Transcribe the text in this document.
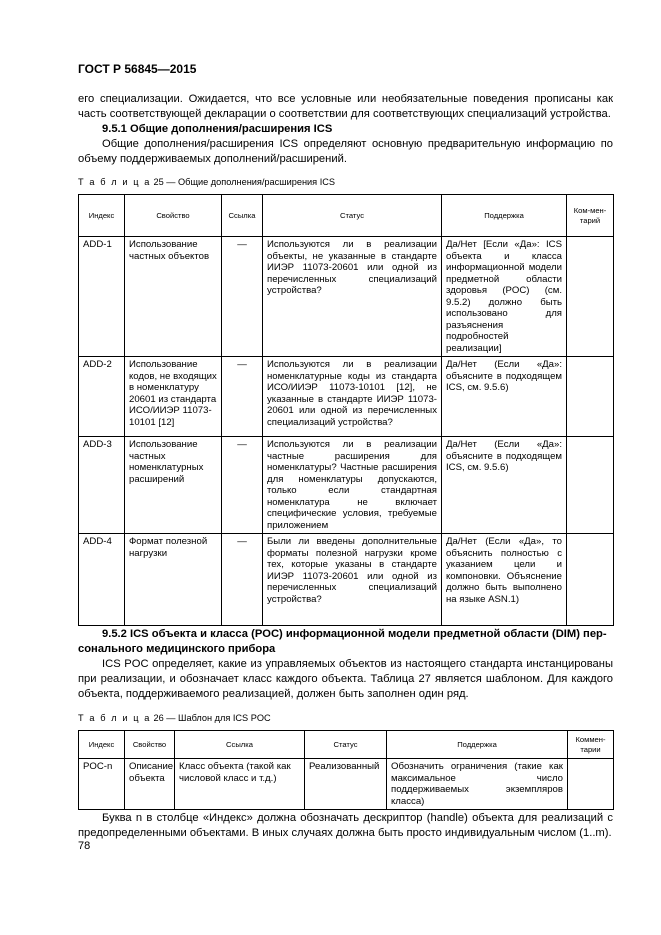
ГОСТ Р 56845—2015
его специализации. Ожидается, что все условные или необязательные поведения прописаны как часть соответствующей декларации о соответствии для соответствующих специализаций устройства.
9.5.1 Общие дополнения/расширения ICS
Общие дополнения/расширения ICS определяют основную предварительную информацию по объему поддерживаемых дополнений/расширений.
Т а б л и ц а 25 — Общие дополнения/расширения ICS
Индекс	Свойство	Ссылка	Статус	Поддержка	Ком-мен-тарий
ADD-1	Использование частных объектов	—	Используются ли в реализации объекты, не указанные в стандарте ИИЭР 11073-20601 или одной из перечисленных специализаций устройства?	Да/Нет [Если «Да»: ICS объекта и класса информационной модели предметной области здоровья (POC) (см. 9.5.2) должно быть использовано для разъяснения подробностей реализации]	
ADD-2	Использование кодов, не входящих в номенклатуру 20601 из стандарта ИСО/ИИЭР 11073-10101 [12]	—	Используются ли в реализации номенклатурные коды из стандарта ИСО/ИИЭР 11073-10101 [12], не указанные в стандарте ИИЭР 11073-20601 или одной из перечисленных специализаций устройства?	Да/Нет (Если «Да»: объясните в подходящем ICS, см. 9.5.6)	
ADD-3	Использование частных номенклатурных расширений	—	Используются ли в реализации частные расширения для номенклатуры? Частные расширения для номенклатуры допускаются, только если стандартная номенклатура не включает специфические условия, требуемые приложением	Да/Нет (Если «Да»: объясните в подходящем ICS, см. 9.5.6)	
ADD-4	Формат полезной нагрузки	—	Были ли введены дополнительные форматы полезной нагрузки кроме тех, которые указаны в стандарте ИИЭР 11073-20601 или одной из перечисленных специализаций устройства?	Да/Нет (Если «Да», то объяснить полностью с указанием цели и компоновки. Объяснение должно быть выполнено на языке ASN.1)	
9.5.2 ICS объекта и класса (POC) информационной модели предметной области (DIM) пер-
сонального медицинского прибора
ICS POC определяет, какие из управляемых объектов из настоящего стандарта инстанцированы при реализации, и обозначает класс каждого объекта. Таблица 27 является шаблоном. Для каждого объекта, поддерживаемого реализацией, должен быть заполнен один ряд.
Т а б л и ц а 26 — Шаблон для ICS POC
Индекс	Свойство	Ссылка	Статус	Поддержка	Коммен-тарии
POC-n	Описание объекта	Класс объекта (такой как числовой класс и т.д.)	Реализованный	Обозначить ограничения (такие как максимальное число поддерживаемых экземпляров класса)	
Буква n в столбце «Индекс» должна обозначать дескриптор (handle) объекта для реализаций с предопределенными объектами. В иных случаях должна быть просто индивидуальным числом (1..m).
78
